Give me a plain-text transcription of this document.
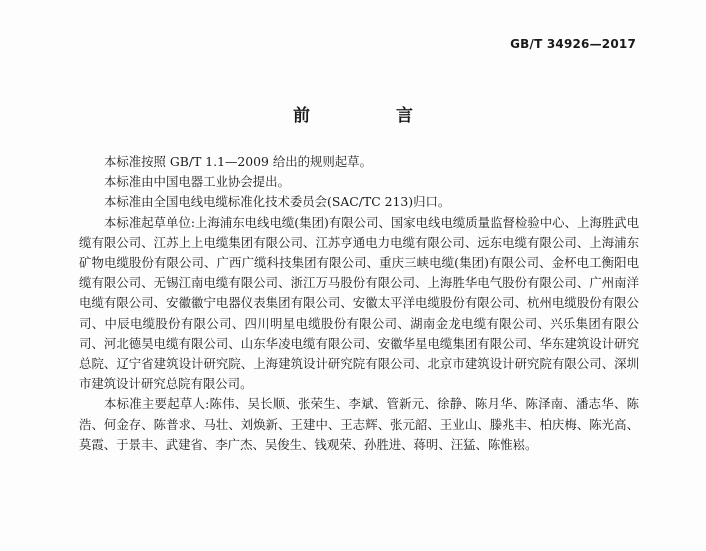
GB/T 34926—2017
前 言

本标准按照 GB/T 1.1—2009 给出的规则起草。

本标准由中国电器工业协会提出。

本标准由全国电线电缆标准化技术委员会(SAC/TC 213)归口。

本标准起草单位:上海浦东电线电缆(集团)有限公司、国家电线电缆质量监督检验中心、上海胜武电缆有限公司、江苏上上电缆集团有限公司、江苏亨通电力电缆有限公司、远东电缆有限公司、上海浦东矿物电缆股份有限公司、广西广缆科技集团有限公司、重庆三峡电缆(集团)有限公司、金杯电工衡阳电缆有限公司、无锡江南电缆有限公司、浙江万马股份有限公司、上海胜华电气股份有限公司、广州南洋电缆有限公司、安徽徽宁电器仪表集团有限公司、安徽太平洋电缆股份有限公司、杭州电缆股份有限公司、中辰电缆股份有限公司、四川明星电缆股份有限公司、湖南金龙电缆有限公司、兴乐集团有限公司、河北德昊电缆有限公司、山东华凌电缆有限公司、安徽华星电缆集团有限公司、华东建筑设计研究总院、辽宁省建筑设计研究院、上海建筑设计研究院有限公司、北京市建筑设计研究院有限公司、深圳市建筑设计研究总院有限公司。

本标准主要起草人:陈伟、吴长顺、张荣生、李斌、管新元、徐静、陈月华、陈泽南、潘志华、陈浩、何金存、陈普求、马壮、刘焕新、王建中、王志辉、张元韶、王业山、滕兆丰、柏庆梅、陈光高、莫霞、于景丰、武建省、李广杰、吴俊生、钱观荣、孙胜进、蒋明、汪猛、陈惟崧。
